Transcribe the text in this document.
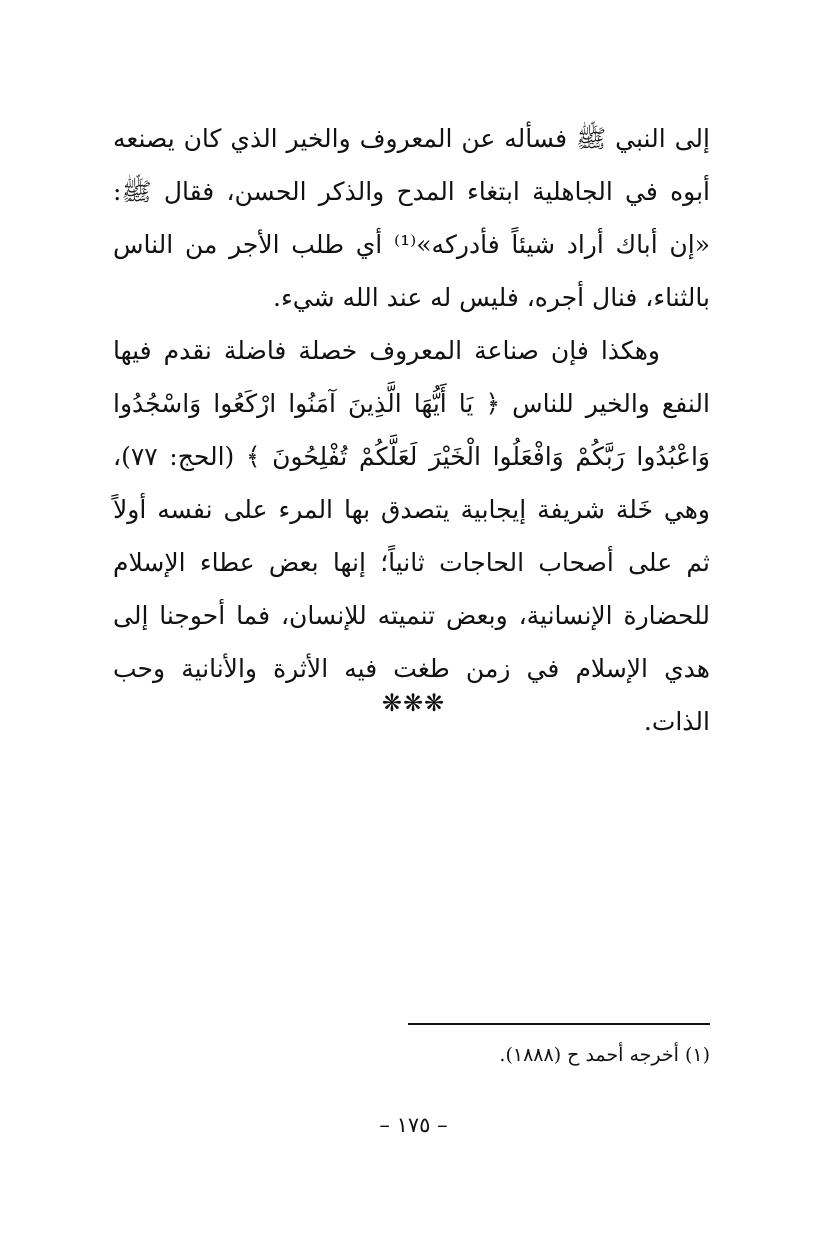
إلى النبي ﷺ فسأله عن المعروف والخير الذي كان يصنعه أبوه في الجاهلية ابتغاء المدح والذكر الحسن، فقال ﷺ: «إن أباك أراد شيئاً فأدركه»⁽¹⁾ أي طلب الأجر من الناس بالثناء، فنال أجره، فليس له عند الله شيء.

وهكذا فإن صناعة المعروف خصلة فاضلة نقدم فيها النفع والخير للناس ﴿ يَا أَيُّهَا الَّذِينَ آمَنُوا ارْكَعُوا وَاسْجُدُوا وَاعْبُدُوا رَبَّكُمْ وَافْعَلُوا الْخَيْرَ لَعَلَّكُمْ تُفْلِحُونَ ﴾ (الحج: ٧٧)، وهي خَلة شريفة إيجابية يتصدق بها المرء على نفسه أولاً ثم على أصحاب الحاجات ثانياً؛ إنها بعض عطاء الإسلام للحضارة الإنسانية، وبعض تنميته للإنسان، فما أحوجنا إلى هدي الإسلام في زمن طغت فيه الأثرة والأنانية وحب الذات.

❋❋❋

(١) أخرجه أحمد ح (١٨٨٨).

– ١٧٥ –
